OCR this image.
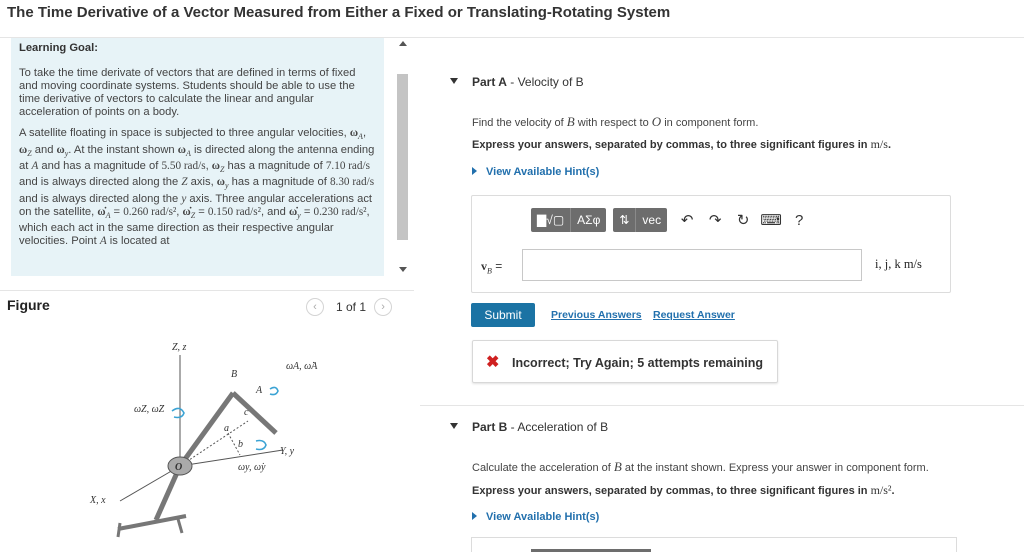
The Time Derivative of a Vector Measured from Either a Fixed or Translating-Rotating System
Learning Goal:

To take the time derivate of vectors that are defined in terms of fixed and moving coordinate systems. Students should be able to use the time derivative of vectors to calculate the linear and angular acceleration of points on a body.

A satellite floating in space is subjected to three angular velocities, $\omega_A$, $\omega_Z$ and $\omega_y$. At the instant shown $\omega_A$ is directed along the antenna ending at A and has a magnitude of 5.50 rad/s, $\omega_Z$ has a magnitude of 7.10 rad/s and is always directed along the Z axis, $\omega_y$ has a magnitude of 8.30 rad/s and is always directed along the y axis. Three angular accelerations act on the satellite, $\omegȧ_A = 0.260$ rad/s², $\omegȧ_Z = 0.150$ rad/s², and $\omegȧ_y = 0.230$ rad/s², which each act in the same direction as their respective angular velocities. Point A is located at

Figure	‹	1 of 1	›
Z, z
Y, y
X, x
O
B
A
c
a
b
ωA, ω̇A
ωZ, ω̇Z
ωy, ω̇y
Part A - Velocity of B
Find the velocity of B with respect to O in component form.
Express your answers, separated by commas, to three significant figures in m/s.
View Available Hint(s)
▇√▢	ΑΣφ	⇅	vec	↶	↷	↻ ⌨ ?
$v_B$ =	i, j, k m/s
Submit	Previous Answers Request Answer
✖ Incorrect; Try Again; 5 attempts remaining
Part B - Acceleration of B
Calculate the acceleration of B at the instant shown. Express your answer in component form.
Express your answers, separated by commas, to three significant figures in m/s².
View Available Hint(s)
